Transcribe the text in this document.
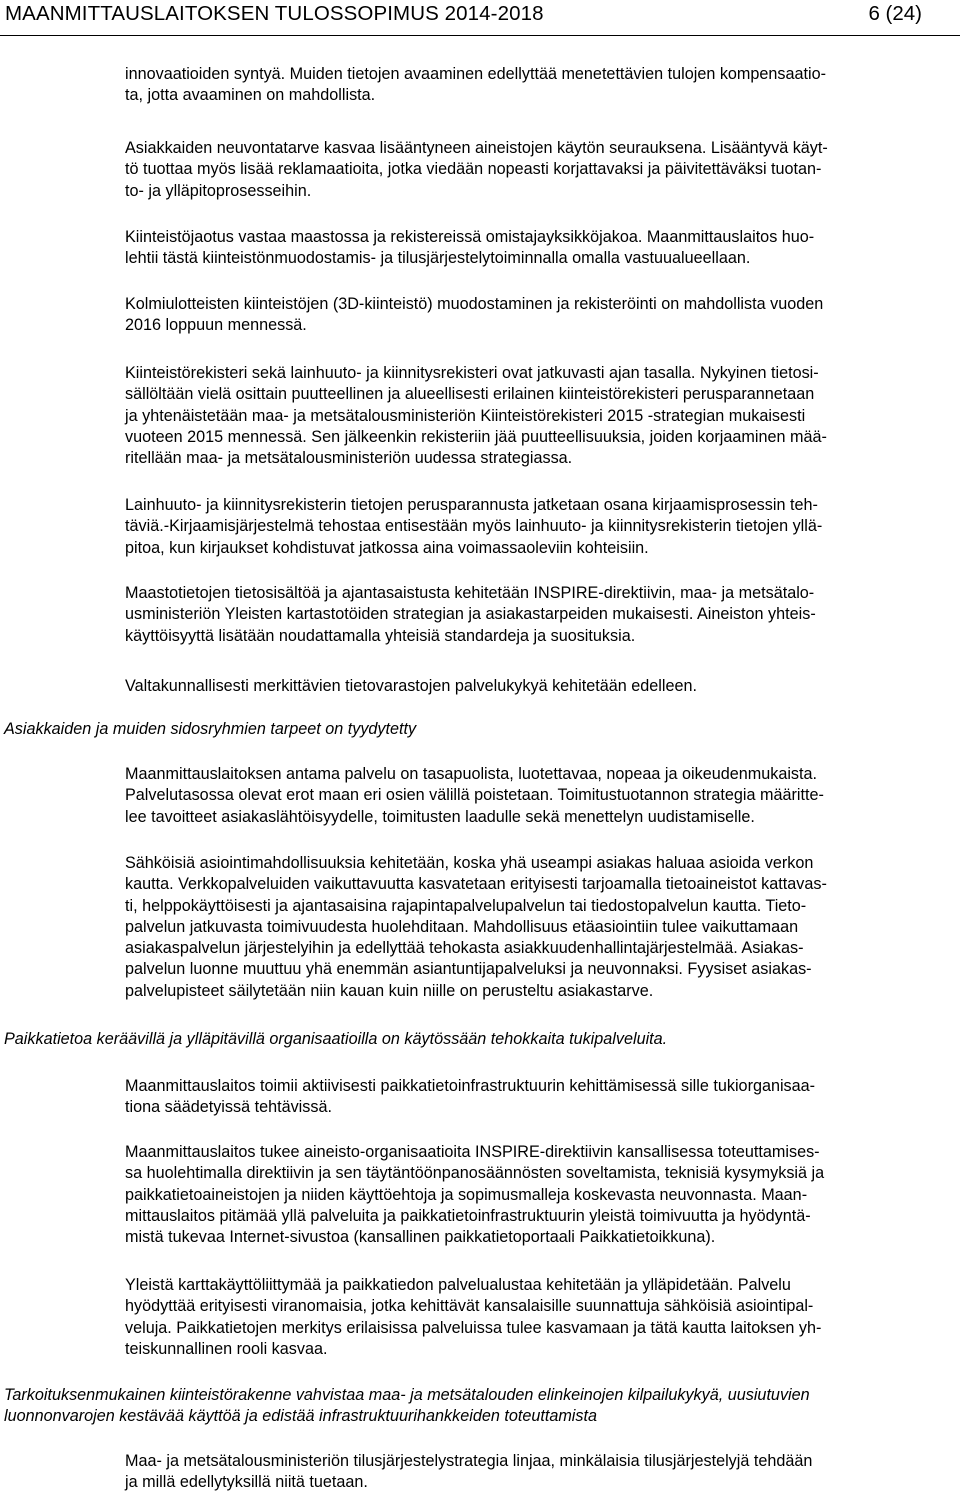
MAANMITTAUSLAITOKSEN TULOSSOPIMUS 2014-2018	6 (24)
innovaatioiden syntyä. Muiden tietojen avaaminen edellyttää menetettävien tulojen kompensaatio-
ta, jotta avaaminen on mahdollista.
Asiakkaiden neuvontatarve kasvaa lisääntyneen aineistojen käytön seurauksena. Lisääntyvä käyt-
tö tuottaa myös lisää reklamaatioita, jotka viedään nopeasti korjattavaksi ja päivitettäväksi tuotan-
to- ja ylläpitoprosesseihin.
Kiinteistöjaotus vastaa maastossa ja rekistereissä omistajayksikköjakoa. Maanmittauslaitos huo-
lehtii tästä kiinteistönmuodostamis- ja tilusjärjestelytoiminnalla omalla vastuualueellaan.
Kolmiulotteisten kiinteistöjen (3D-kiinteistö) muodostaminen ja rekisteröinti on mahdollista vuoden
2016 loppuun mennessä.
Kiinteistörekisteri sekä lainhuuto- ja kiinnitysrekisteri ovat jatkuvasti ajan tasalla. Nykyinen tietosi-
sällöltään vielä osittain puutteellinen ja alueellisesti erilainen kiinteistörekisteri perusparannetaan
ja yhtenäistetään maa- ja metsätalousministeriön Kiinteistörekisteri 2015 -strategian mukaisesti
vuoteen 2015 mennessä. Sen jälkeenkin rekisteriin jää puutteellisuuksia, joiden korjaaminen mää-
ritellään maa- ja metsätalousministeriön uudessa strategiassa.
Lainhuuto- ja kiinnitysrekisterin tietojen perusparannusta jatketaan osana kirjaamisprosessin teh-
täviä.-Kirjaamisjärjestelmä tehostaa entisestään myös lainhuuto- ja kiinnitysrekisterin tietojen yllä-
pitoa, kun kirjaukset kohdistuvat jatkossa aina voimassaoleviin kohteisiin.
Maastotietojen tietosisältöä ja ajantasaistusta kehitetään INSPIRE-direktiivin, maa- ja metsätalo-
usministeriön Yleisten kartastotöiden strategian ja asiakastarpeiden mukaisesti. Aineiston yhteis-
käyttöisyyttä lisätään noudattamalla yhteisiä standardeja ja suosituksia.
Valtakunnallisesti merkittävien tietovarastojen palvelukykyä kehitetään edelleen.
Asiakkaiden ja muiden sidosryhmien tarpeet on tyydytetty
Maanmittauslaitoksen antama palvelu on tasapuolista, luotettavaa, nopeaa ja oikeudenmukaista.
Palvelutasossa olevat erot maan eri osien välillä poistetaan. Toimitustuotannon strategia määritte-
lee tavoitteet asiakaslähtöisyydelle, toimitusten laadulle sekä menettelyn uudistamiselle.
Sähköisiä asiointimahdollisuuksia kehitetään, koska yhä useampi asiakas haluaa asioida verkon
kautta. Verkkopalveluiden vaikuttavuutta kasvatetaan erityisesti tarjoamalla tietoaineistot kattavas-
ti, helppokäyttöisesti ja ajantasaisina rajapintapalvelupalvelun tai tiedostopalvelun kautta. Tieto-
palvelun jatkuvasta toimivuudesta huolehditaan. Mahdollisuus etäasiointiin tulee vaikuttamaan
asiakaspalvelun järjestelyihin ja edellyttää tehokasta asiakkuudenhallintajärjestelmää. Asiakas-
palvelun luonne muuttuu yhä enemmän asiantuntijapalveluksi ja neuvonnaksi. Fyysiset asiakas-
palvelupisteet säilytetään niin kauan kuin niille on perusteltu asiakastarve.
Paikkatietoa keräävillä ja ylläpitävillä organisaatioilla on käytössään tehokkaita tukipalveluita.
Maanmittauslaitos toimii aktiivisesti paikkatietoinfrastruktuurin kehittämisessä sille tukiorganisaa-
tiona säädetyissä tehtävissä.
Maanmittauslaitos tukee aineisto-organisaatioita INSPIRE-direktiivin kansallisessa toteuttamises-
sa huolehtimalla direktiivin ja sen täytäntöönpanosäännösten soveltamista, teknisiä kysymyksiä ja
paikkatietoaineistojen ja niiden käyttöehtoja ja sopimusmalleja koskevasta neuvonnasta. Maan-
mittauslaitos pitämää yllä palveluita ja paikkatietoinfrastruktuurin yleistä toimivuutta ja hyödyntä-
mistä tukevaa Internet-sivustoa (kansallinen paikkatietoportaali Paikkatietoikkuna).
Yleistä karttakäyttöliittymää ja paikkatiedon palvelualustaa kehitetään ja ylläpidetään. Palvelu
hyödyttää erityisesti viranomaisia, jotka kehittävät kansalaisille suunnattuja sähköisiä asiointipal-
veluja. Paikkatietojen merkitys erilaisissa palveluissa tulee kasvamaan ja tätä kautta laitoksen yh-
teiskunnallinen rooli kasvaa.
Tarkoituksenmukainen kiinteistörakenne vahvistaa maa- ja metsätalouden elinkeinojen kilpailukykyä, uusiutuvien
luonnonvarojen kestävää käyttöä ja edistää infrastruktuurihankkeiden toteuttamista
Maa- ja metsätalousministeriön tilusjärjestelystrategia linjaa, minkälaisia tilusjärjestelyjä tehdään
ja millä edellytyksillä niitä tuetaan.
